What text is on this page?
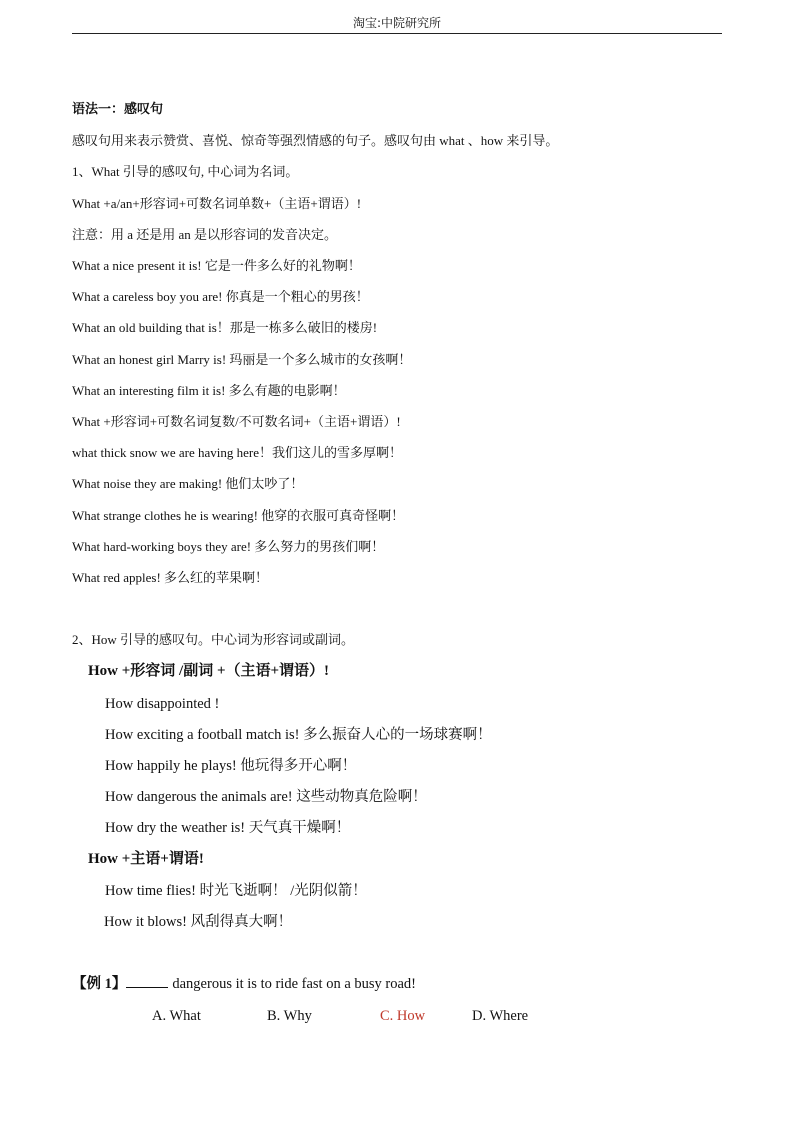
淘宝:中院研究所
语法一：感叹句
感叹句用来表示赞赏、喜悦、惊奇等强烈情感的句子。感叹句由 what 、how 来引导。
1、What 引导的感叹句, 中心词为名词。
What +a/an+形容词+可数名词单数+（主语+谓语）!
注意：用 a 还是用 an 是以形容词的发音决定。
What a nice present it is! 它是一件多么好的礼物啊！
What a careless boy you are! 你真是一个粗心的男孩！
What an old building that is！那是一栋多么破旧的楼房!
What an honest girl Marry is! 玛丽是一个多么城市的女孩啊！
What an interesting film it is! 多么有趣的电影啊！
What +形容词+可数名词复数/不可数名词+（主语+谓语）!
what thick snow we are having here！我们这儿的雪多厚啊！
What noise they are making! 他们太吵了！
What strange clothes he is wearing! 他穿的衣服可真奇怪啊！
What hard-working boys they are! 多么努力的男孩们啊！
What red apples! 多么红的苹果啊！
2、How 引导的感叹句。中心词为形容词或副词。
How +形容词 /副词 +（主语+谓语）!
How disappointed !
How exciting a football match is! 多么振奋人心的一场球赛啊！
How happily he plays! 他玩得多开心啊！
How dangerous the animals are! 这些动物真危险啊！
How dry the weather is! 天气真干燥啊！
How +主语+谓语!
How time flies! 时光飞逝啊！ /光阴似箭！
How it blows! 风刮得真大啊！
【例 1】	dangerous it is to ride fast on a busy road!
A. What	B. Why	C. How	D. Where
